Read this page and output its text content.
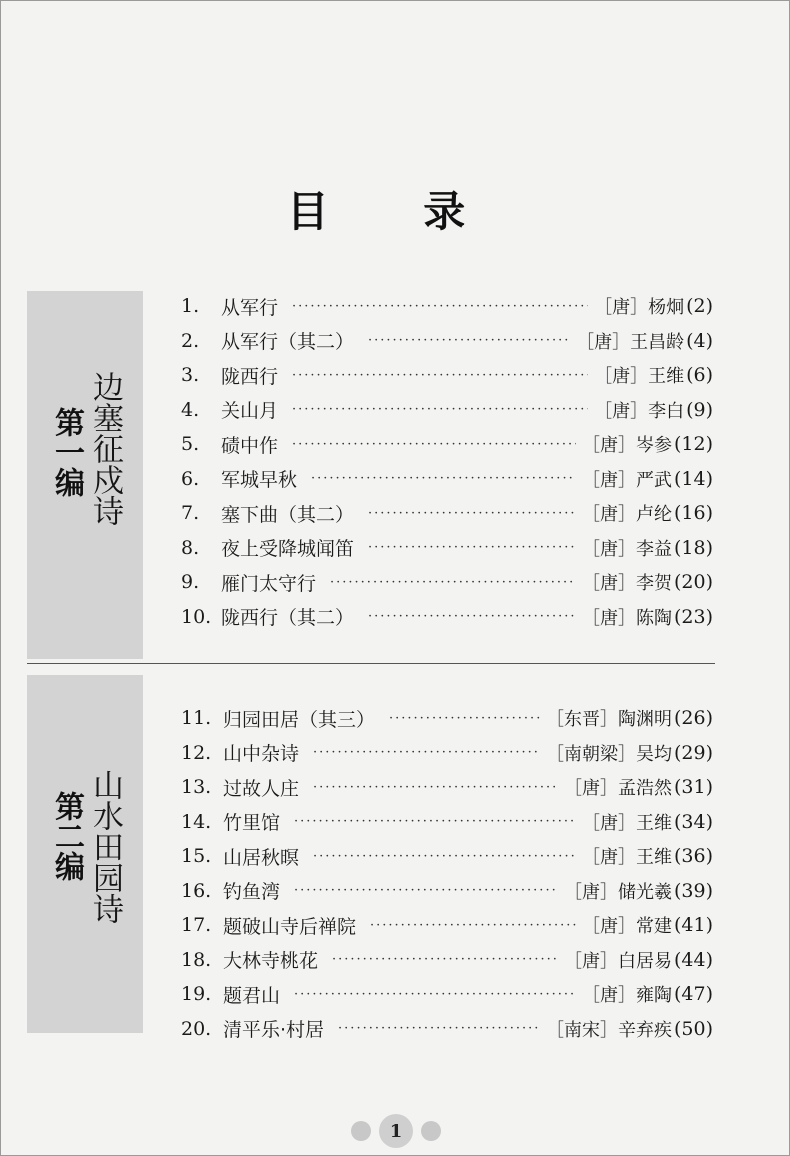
目 录
第一编 边塞征戍诗
1.	从军行 ·····	［唐］杨炯 (2)
2.	从军行（其二） ·····	［唐］王昌龄 (4)
3.	陇西行 ·····	［唐］王维 (6)
4.	关山月 ·····	［唐］李白 (9)
5.	碛中作 ·····	［唐］岑参 (12)
6.	军城早秋 ·····	［唐］严武 (14)
7.	塞下曲（其二） ·····	［唐］卢纶 (16)
8.	夜上受降城闻笛 ·····	［唐］李益 (18)
9.	雁门太守行 ·····	［唐］李贺 (20)
10. 陇西行（其二） ·····	［唐］陈陶 (23)
第二编 山水田园诗
11. 归园田居（其三） ·····	［东晋］陶渊明 (26)
12. 山中杂诗 ·····	［南朝梁］吴均 (29)
13. 过故人庄 ·····	［唐］孟浩然 (31)
14. 竹里馆 ·····	［唐］王维 (34)
15. 山居秋暝 ·····	［唐］王维 (36)
16. 钓鱼湾 ·····	［唐］储光羲 (39)
17. 题破山寺后禅院 ·····	［唐］常建 (41)
18. 大林寺桃花 ·····	［唐］白居易 (44)
19. 题君山 ·····	［唐］雍陶 (47)
20. 清平乐·村居 ·····	［南宋］辛弃疾 (50)
1
